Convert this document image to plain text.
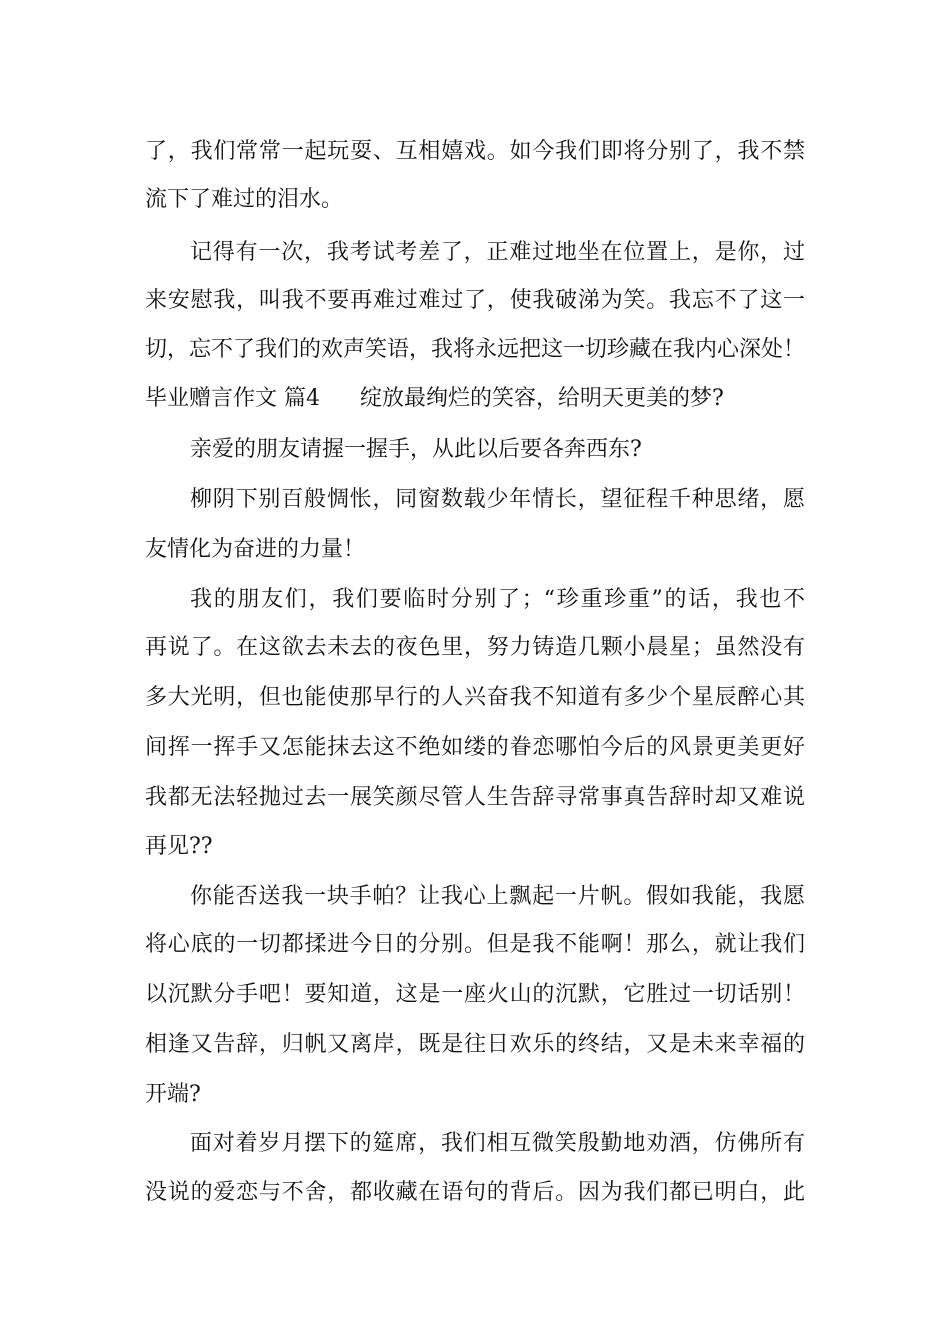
了，我们常常一起玩耍、互相嬉戏。如今我们即将分别了，我不禁
流下了难过的泪水。
记得有一次，我考试考差了，正难过地坐在位置上，是你，过
来安慰我，叫我不要再难过难过了，使我破涕为笑。我忘不了这一
切，忘不了我们的欢声笑语，我将永远把这一切珍藏在我内心深处！
毕业赠言作文 篇4 绽放最绚烂的笑容，给明天更美的梦?
亲爱的朋友请握一握手，从此以后要各奔西东?
柳阴下别百般惆怅，同窗数载少年情长，望征程千种思绪，愿
友情化为奋进的力量！
我的朋友们，我们要临时分别了；“珍重珍重”的话，我也不
再说了。在这欲去未去的夜色里，努力铸造几颗小晨星；虽然没有
多大光明，但也能使那早行的人兴奋我不知道有多少个星辰醉心其
间挥一挥手又怎能抹去这不绝如缕的眷恋哪怕今后的风景更美更好
我都无法轻抛过去一展笑颜尽管人生告辞寻常事真告辞时却又难说
再见??
你能否送我一块手帕？让我心上飘起一片帆。假如我能，我愿
将心底的一切都揉进今日的分别。但是我不能啊！那么，就让我们
以沉默分手吧！要知道，这是一座火山的沉默，它胜过一切话别！
相逢又告辞，归帆又离岸，既是往日欢乐的终结，又是未来幸福的
开端?
面对着岁月摆下的筵席，我们相互微笑殷勤地劝酒，仿佛所有
没说的爱恋与不舍，都收藏在语句的背后。因为我们都已明白，此
